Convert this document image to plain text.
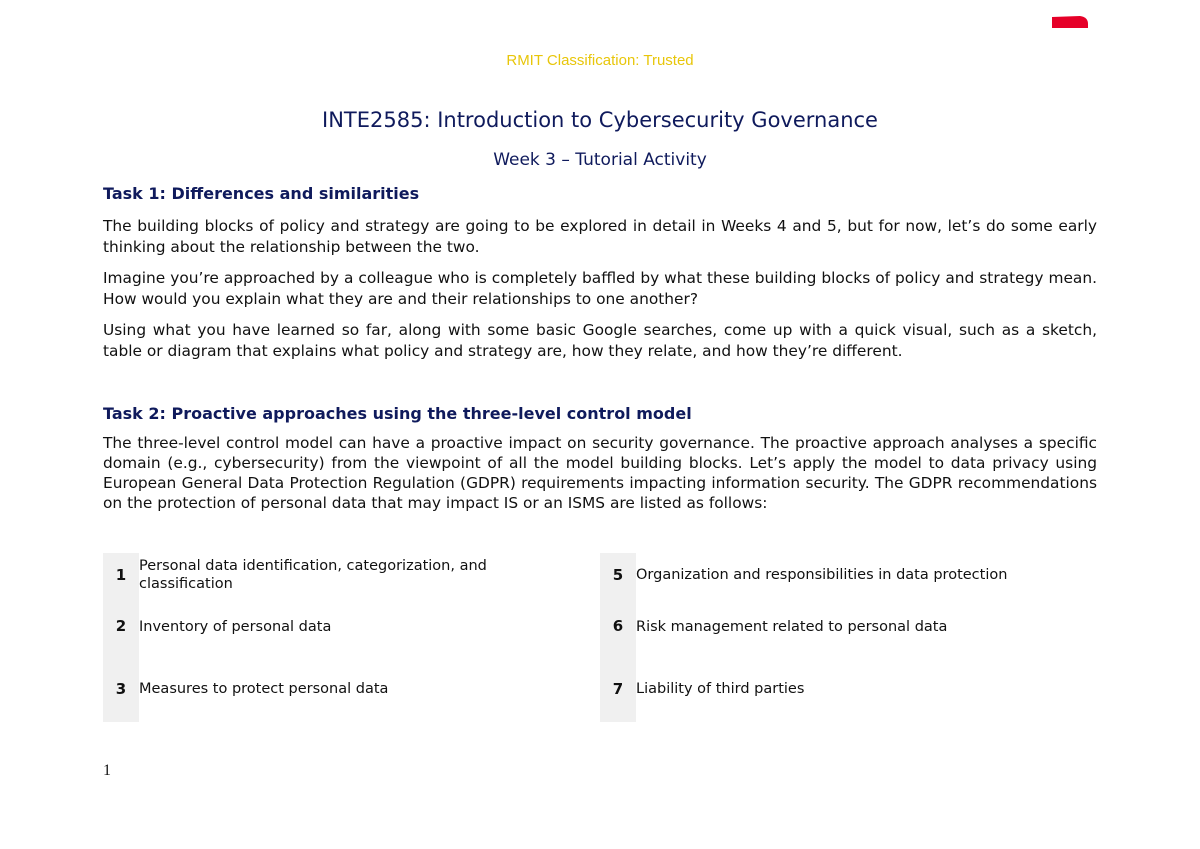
RMIT Classification: Trusted
INTE2585: Introduction to Cybersecurity Governance
Week 3 – Tutorial Activity

Task 1: Differences and similarities

The building blocks of policy and strategy are going to be explored in detail in Weeks 4 and 5, but for now, let’s do some early thinking about the relationship between the two.

Imagine you’re approached by a colleague who is completely baffled by what these building blocks of policy and strategy mean. How would you explain what they are and their relationships to one another?

Using what you have learned so far, along with some basic Google searches, come up with a quick visual, such as a sketch, table or diagram that explains what policy and strategy are, how they relate, and how they’re different.

Task 2: Proactive approaches using the three-level control model

The three-level control model can have a proactive impact on security governance. The proactive approach analyses a specific domain (e.g., cybersecurity) from the viewpoint of all the model building blocks. Let’s apply the model to data privacy using European General Data Protection Regulation (GDPR) requirements impacting information security. The GDPR recommendations on the protection of personal data that may impact IS or an ISMS are listed as follows:

1 Personal data identification, categorization, and classification
2 Inventory of personal data
3 Measures to protect personal data
5 Organization and responsibilities in data protection
6 Risk management related to personal data
7 Liability of third parties
1
